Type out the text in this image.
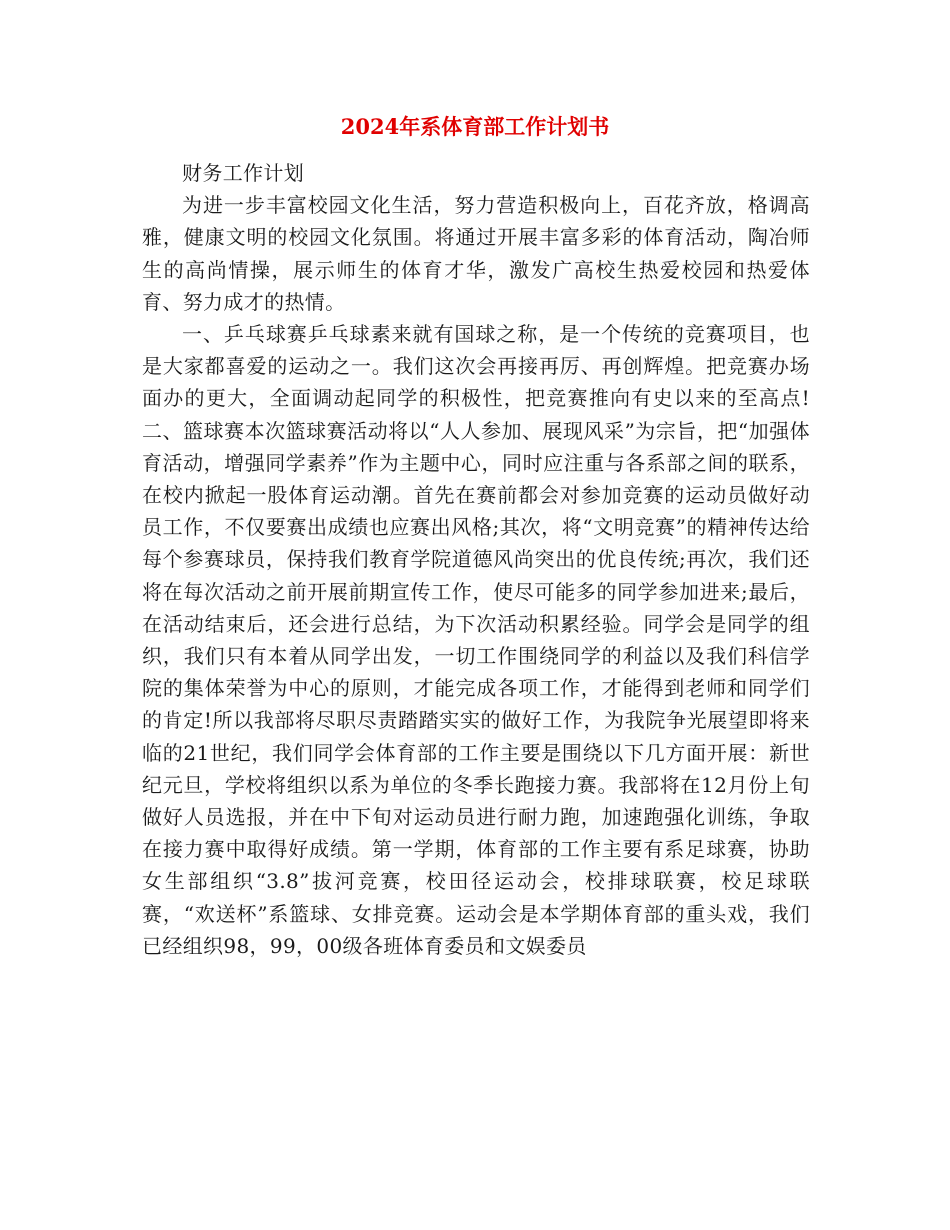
2024年系体育部工作计划书

财务工作计划

为进一步丰富校园文化生活，努力营造积极向上，百花齐放，格调高雅，健康文明的校园文化氛围。将通过开展丰富多彩的体育活动，陶冶师生的高尚情操，展示师生的体育才华，激发广高校生热爱校园和热爱体育、努力成才的热情。

一、乒乓球赛乒乓球素来就有国球之称，是一个传统的竞赛项目，也是大家都喜爱的运动之一。我们这次会再接再厉、再创辉煌。把竞赛办场面办的更大，全面调动起同学的积极性，把竞赛推向有史以来的至高点!二、篮球赛本次篮球赛活动将以“人人参加、展现风采”为宗旨，把“加强体育活动，增强同学素养”作为主题中心，同时应注重与各系部之间的联系，在校内掀起一股体育运动潮。首先在赛前都会对参加竞赛的运动员做好动员工作，不仅要赛出成绩也应赛出风格;其次，将“文明竞赛”的精神传达给每个参赛球员，保持我们教育学院道德风尚突出的优良传统;再次，我们还将在每次活动之前开展前期宣传工作，使尽可能多的同学参加进来;最后，在活动结束后，还会进行总结，为下次活动积累经验。同学会是同学的组织，我们只有本着从同学出发，一切工作围绕同学的利益以及我们科信学院的集体荣誉为中心的原则，才能完成各项工作，才能得到老师和同学们的肯定!所以我部将尽职尽责踏踏实实的做好工作，为我院争光展望即将来临的21世纪，我们同学会体育部的工作主要是围绕以下几方面开展：新世纪元旦，学校将组织以系为单位的冬季长跑接力赛。我部将在12月份上旬做好人员选报，并在中下旬对运动员进行耐力跑，加速跑强化训练，争取在接力赛中取得好成绩。第一学期，体育部的工作主要有系足球赛，协助女生部组织“3.8”拔河竞赛，校田径运动会，校排球联赛，校足球联赛，“欢送杯”系篮球、女排竞赛。运动会是本学期体育部的重头戏，我们已经组织98，99，00级各班体育委员和文娱委员
